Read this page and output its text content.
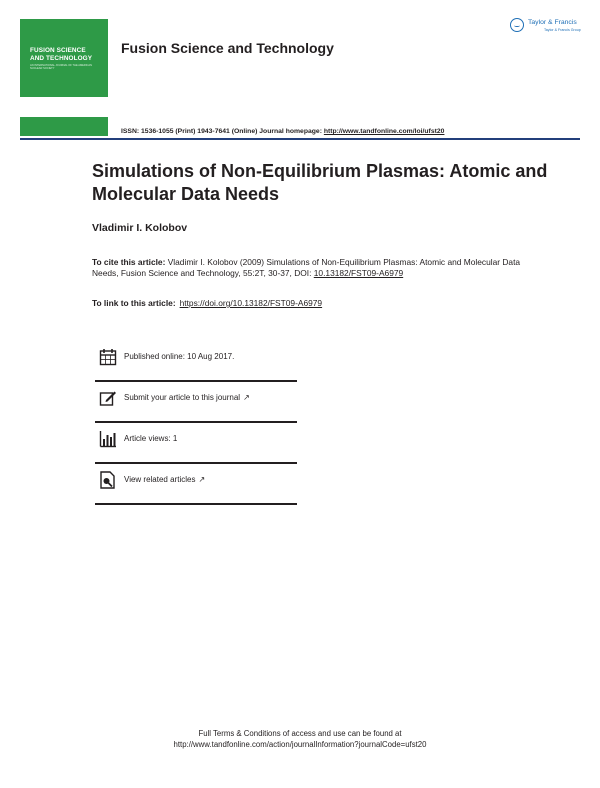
FUSION SCIENCE
AND TECHNOLOGY
AN INTERNATIONAL JOURNAL OF THE AMERICAN NUCLEAR SOCIETY
Fusion Science and Technology
Taylor & Francis
Taylor & Francis Group
ISSN: 1536-1055 (Print) 1943-7641 (Online) Journal homepage: http://www.tandfonline.com/loi/ufst20
Simulations of Non-Equilibrium Plasmas: Atomic and Molecular Data Needs
Vladimir I. Kolobov
To cite this article: Vladimir I. Kolobov (2009) Simulations of Non-Equilibrium Plasmas: Atomic and Molecular Data Needs, Fusion Science and Technology, 55:2T, 30-37, DOI: 10.13182/FST09-A6979
To link to this article: https://doi.org/10.13182/FST09-A6979
Published online: 10 Aug 2017.
Submit your article to this journal ↗
Article views: 1
View related articles ↗
Full Terms & Conditions of access and use can be found at
http://www.tandfonline.com/action/journalInformation?journalCode=ufst20
